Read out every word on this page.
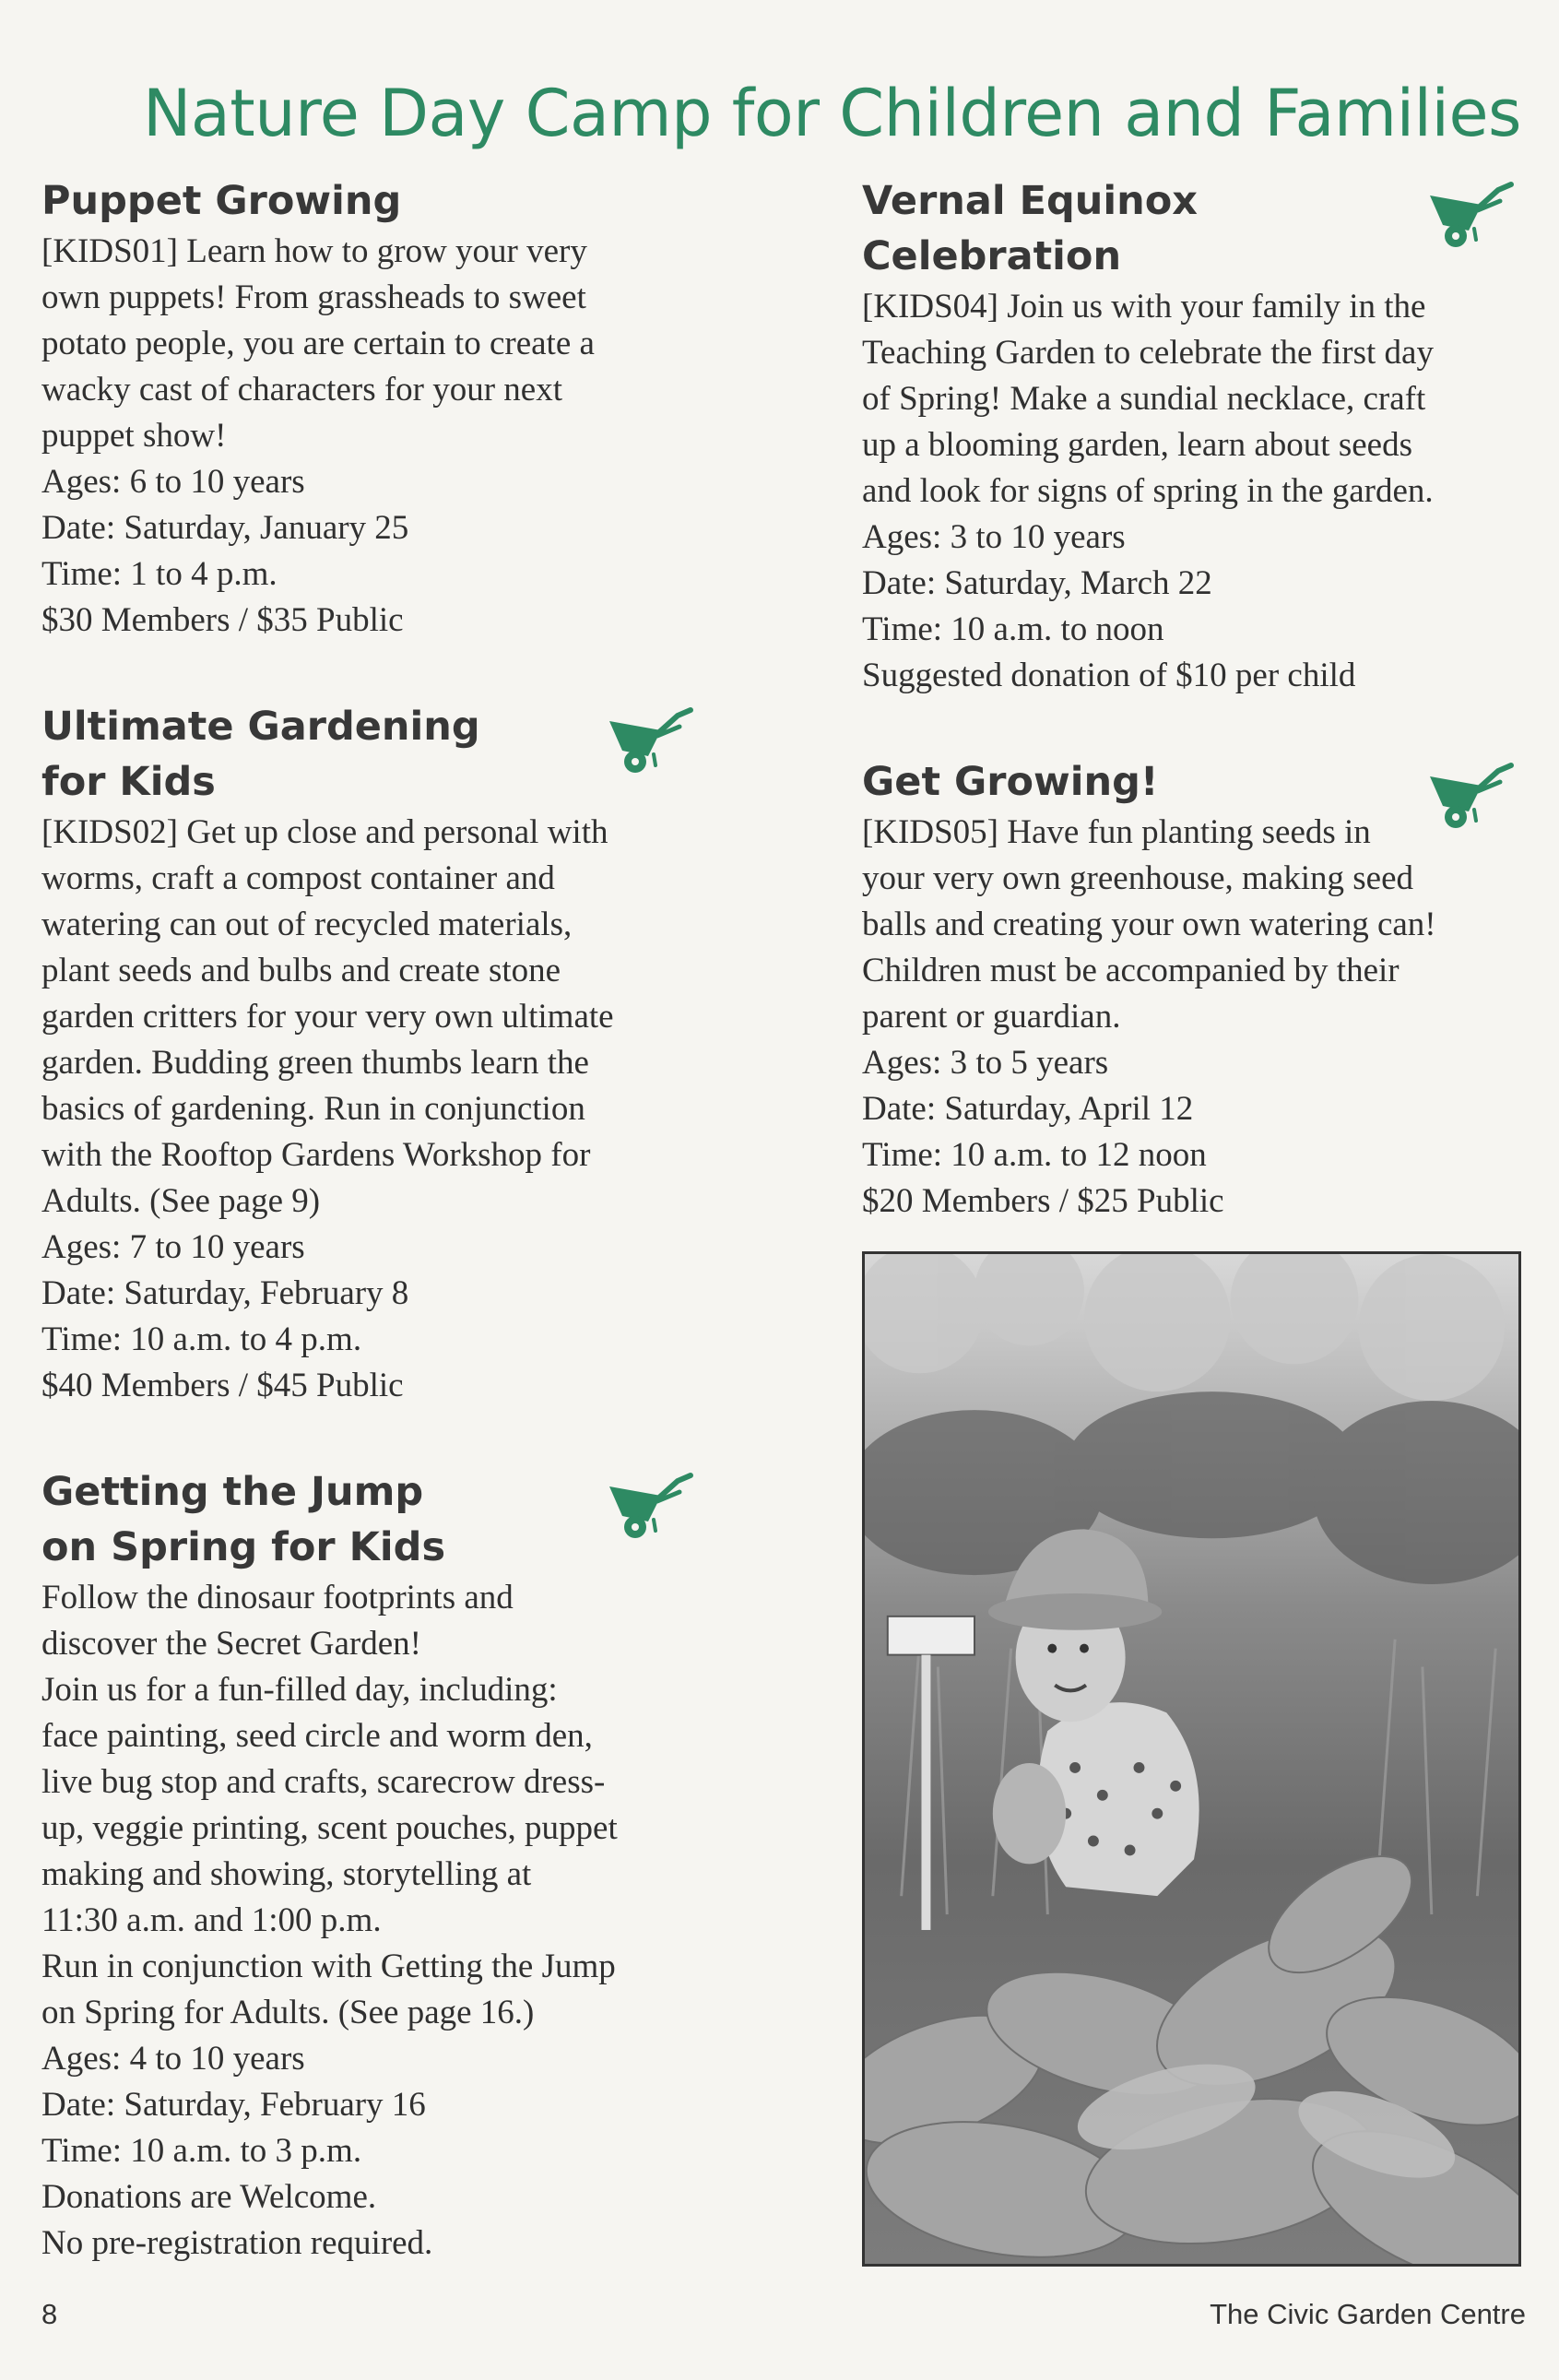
Nature Day Camp for Children and Families
Puppet Growing

[KIDS01] Learn how to grow your very

own puppets! From grassheads to sweet

potato people, you are certain to create a

wacky cast of characters for your next

puppet show!

Ages: 6 to 10 years

Date: Saturday, January 25

Time: 1 to 4 p.m.

$30 Members / $35 Public

Ultimate Gardening
for Kids

[KIDS02] Get up close and personal with

worms, craft a compost container and

watering can out of recycled materials,

plant seeds and bulbs and create stone

garden critters for your very own ultimate

garden. Budding green thumbs learn the

basics of gardening. Run in conjunction

with the Rooftop Gardens Workshop for

Adults. (See page 9)

Ages: 7 to 10 years

Date: Saturday, February 8

Time: 10 a.m. to 4 p.m.

$40 Members / $45 Public

Getting the Jump
on Spring for Kids

Follow the dinosaur footprints and

discover the Secret Garden!

Join us for a fun-filled day, including:

face painting, seed circle and worm den,

live bug stop and crafts, scarecrow dress-

up, veggie printing, scent pouches, puppet

making and showing, storytelling at

11:30 a.m. and 1:00 p.m.

Run in conjunction with Getting the Jump

on Spring for Adults. (See page 16.)

Ages: 4 to 10 years

Date: Saturday, February 16

Time: 10 a.m. to 3 p.m.

Donations are Welcome.

No pre-registration required.

Vernal Equinox
Celebration

[KIDS04] Join us with your family in the

Teaching Garden to celebrate the first day

of Spring! Make a sundial necklace, craft

up a blooming garden, learn about seeds

and look for signs of spring in the garden.

Ages: 3 to 10 years

Date: Saturday, March 22

Time: 10 a.m. to noon

Suggested donation of $10 per child

Get Growing!

[KIDS05] Have fun planting seeds in

your very own greenhouse, making seed

balls and creating your own watering can!

Children must be accompanied by their

parent or guardian.

Ages: 3 to 5 years

Date: Saturday, April 12

Time: 10 a.m. to 12 noon

$20 Members / $25 Public

8	The Civic Garden Centre
